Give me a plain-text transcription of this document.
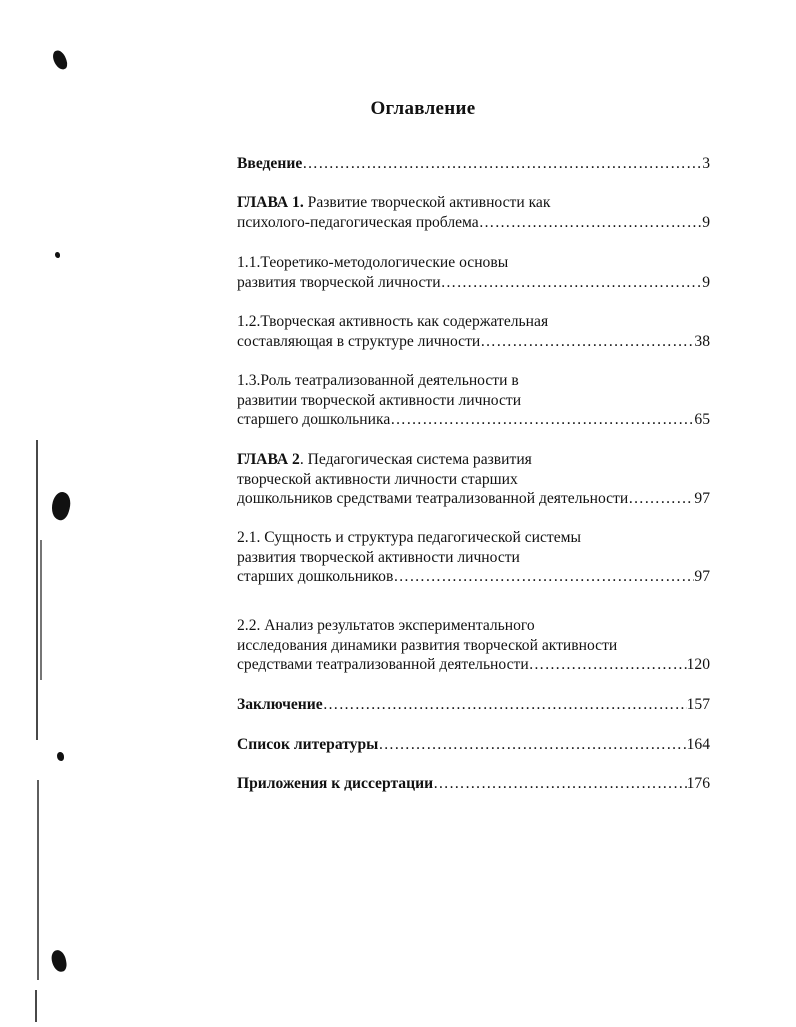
Оглавление
Введение ……………………………………………………………………………………………………………………	3
ГЛАВА 1. Развитие творческой активности как
психолого-педагогическая проблема ……………………………………………………………………………………………………………………	9
1.1.Теоретико-методологические основы
развития творческой личности ……………………………………………………………………………………………………………………	9
1.2.Творческая активность как содержательная
составляющая в структуре личности ……………………………………………………………………………………………………………………	38
1.3.Роль театрализованной деятельности в
развитии творческой активности личности
старшего дошкольника ……………………………………………………………………………………………………………………	65
ГЛАВА 2. Педагогическая система развития
творческой активности личности старших
дошкольников средствами театрализованной деятельности ……………………………………………………………………………………………………………………	97
2.1. Сущность и структура педагогической системы
развития творческой активности личности
старших дошкольников ……………………………………………………………………………………………………………………	97
2.2. Анализ результатов экспериментального
исследования динамики развития творческой активности
средствами театрализованной деятельности ……………………………………………………………………………………………………………………	120
Заключение ……………………………………………………………………………………………………………………	157
Список литературы ……………………………………………………………………………………………………………………	164
Приложения к диссертации ……………………………………………………………………………………………………………………	176
